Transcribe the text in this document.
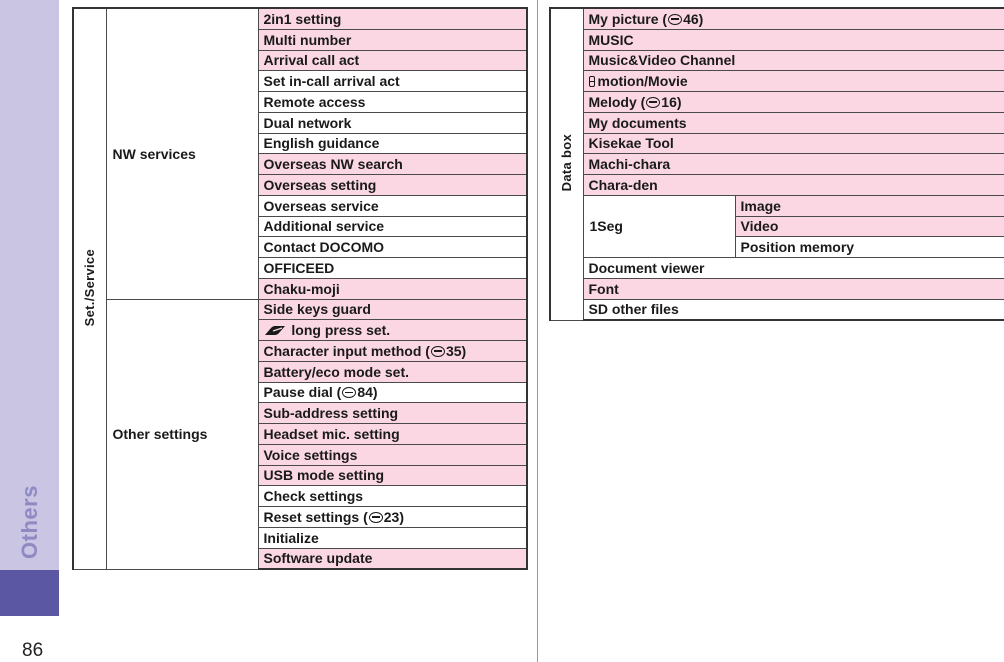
Others
86
Set./Service	NW services	2in1 setting
		Multi number
		Arrival call act
		Set in-call arrival act
		Remote access
		Dual network
		English guidance
		Overseas NW search
		Overseas setting
		Overseas service
		Additional service
		Contact DOCOMO
		OFFICEED
		Chaku-moji
	Other settings	Side keys guard
		long press set.
		Character input method ( 35)
		Battery/eco mode set.
		Pause dial ( 84)
		Sub-address setting
		Headset mic. setting
		Voice settings
		USB mode setting
		Check settings
		Reset settings ( 23)
		Initialize
		Software update
Data box	My picture ( 46)	
	MUSIC	
	Music&Video Channel	
	motion/Movie	
	Melody ( 16)	
	My documents	
	Kisekae Tool	
	Machi-chara	
	Chara-den	
	1Seg	Image
		Video
		Position memory
	Document viewer	
	Font	
	SD other files	
